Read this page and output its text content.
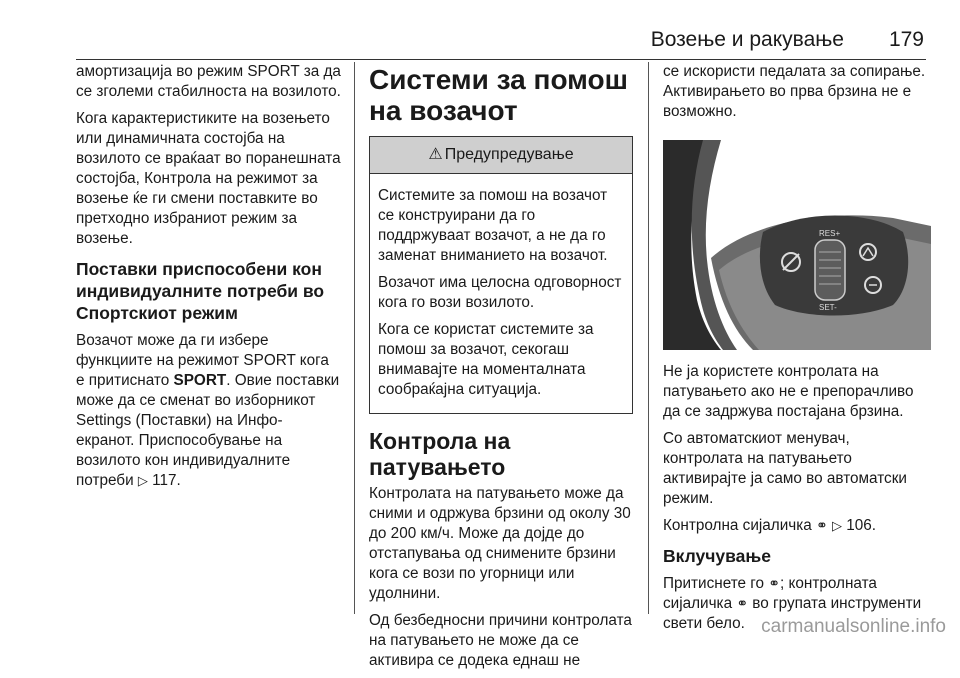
Возење и ракување 179

амортизација во режим SPORT за да се зголеми стабилноста на возилото.

Кога карактеристиките на возењето или динамичната состојба на возилото се враќаат во поранешната состојба, Контрола на режимот за возење ќе ги смени поставките во претходно избраниот режим за возење.

Поставки приспособени кон индивидуалните потреби во Спортскиот режим

Возачот може да ги избере функциите на режимот SPORT кога е притиснато SPORT. Овие поставки може да се сменат во изборникот Settings (Поставки) на Инфо-екранот. Приспособување на возилото кон индивидуалните потреби ▷ 117.

Системи за помош на возачот
⚠ Предупредување

Системите за помош на возачот се конструирани да го поддржуваат возачот, а не да го заменат вниманието на возачот.

Возачот има целосна одговорност кога го вози возилото.

Кога се користат системите за помош за возачот, секогаш внимавајте на моменталната сообраќајна ситуација.

Контрола на патувањето

Контролата на патувањето може да сними и одржува брзини од околу 30 до 200 км/ч. Може да дојде до отстапувања од снимените брзини кога се вози по угорници или удолнини.

Од безбедносни причини контролата на патувањето не може да се активира се додека еднаш не

се искористи педалата за сопирање. Активирањето во прва брзина не е возможно.

RES+
SET-

Не ја користете контролата на патувањето ако не е препорачливо да се задржува постајана брзина.

Со автоматскиот менувач, контролата на патувањето активирајте ја само во автоматски режим.

Контролна сијаличка ⚭ ▷ 106.

Вклучување

Притиснете го ⚭; контролната сијаличка ⚭ во групата инструменти свети бело. carmanualsonline.info
